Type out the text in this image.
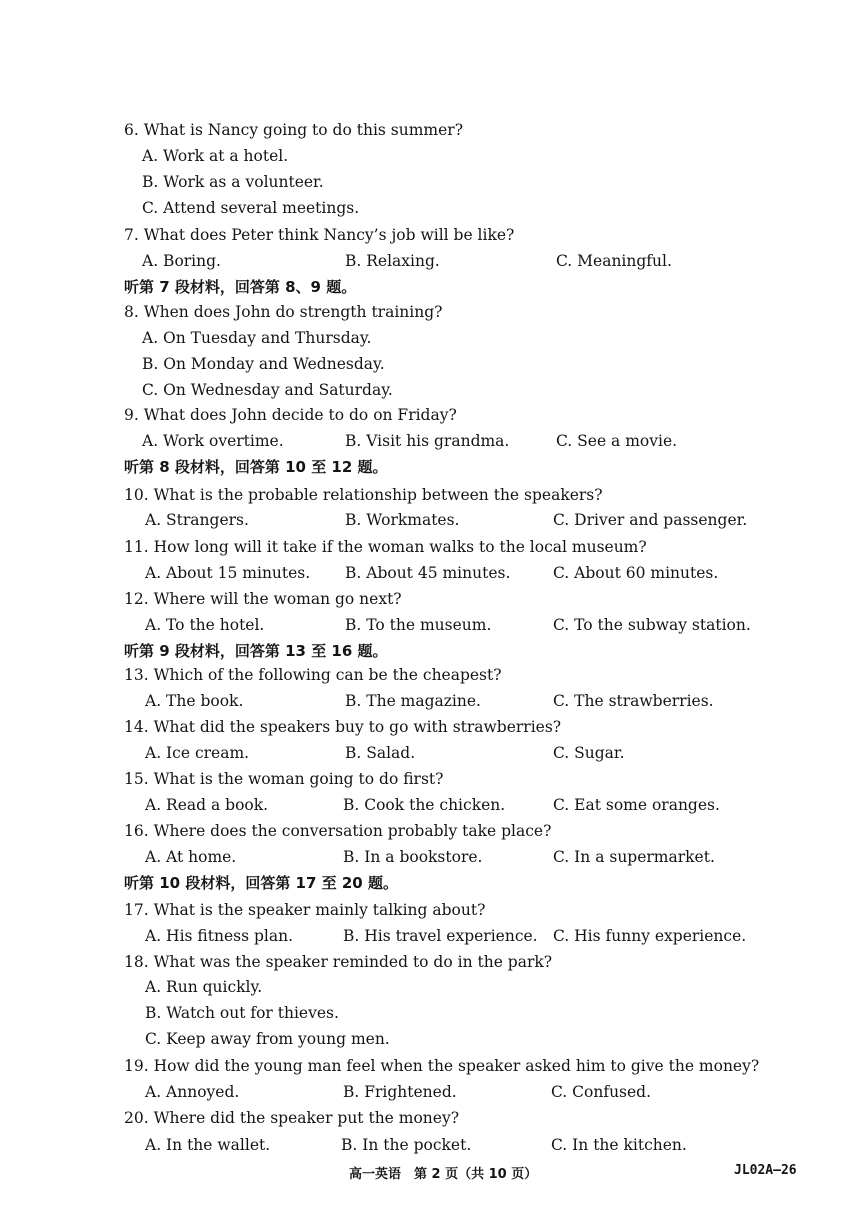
6. What is Nancy going to do this summer?
A. Work at a hotel.
B. Work as a volunteer.
C. Attend several meetings.
7. What does Peter think Nancy’s job will be like?
A. Boring.	B. Relaxing.	C. Meaningful.
听第 7 段材料，回答第 8、9 题。
8. When does John do strength training?
A. On Tuesday and Thursday.
B. On Monday and Wednesday.
C. On Wednesday and Saturday.
9. What does John decide to do on Friday?
A. Work overtime.	B. Visit his grandma.	C. See a movie.
听第 8 段材料，回答第 10 至 12 题。
10. What is the probable relationship between the speakers?
A. Strangers.	B. Workmates.	C. Driver and passenger.
11. How long will it take if the woman walks to the local museum?
A. About 15 minutes. B. About 45 minutes.	C. About 60 minutes.
12. Where will the woman go next?
A. To the hotel.	B. To the museum.	C. To the subway station.
听第 9 段材料，回答第 13 至 16 题。
13. Which of the following can be the cheapest?
A. The book.	B. The magazine.	C. The strawberries.
14. What did the speakers buy to go with strawberries?
A. Ice cream.	B. Salad.	C. Sugar.
15. What is the woman going to do first?
A. Read a book.	B. Cook the chicken.	C. Eat some oranges.
16. Where does the conversation probably take place?
A. At home.	B. In a bookstore.	C. In a supermarket.
听第 10 段材料，回答第 17 至 20 题。
17. What is the speaker mainly talking about?
A. His fitness plan.	B. His travel experience. C. His funny experience.
18. What was the speaker reminded to do in the park?
A. Run quickly.
B. Watch out for thieves.
C. Keep away from young men.
19. How did the young man feel when the speaker asked him to give the money?
A. Annoyed.	B. Frightened.	C. Confused.
20. Where did the speaker put the money?
A. In the wallet.	B. In the pocket.	C. In the kitchen.
高一英语　第 2 页（共 10 页）	JL02A—26
